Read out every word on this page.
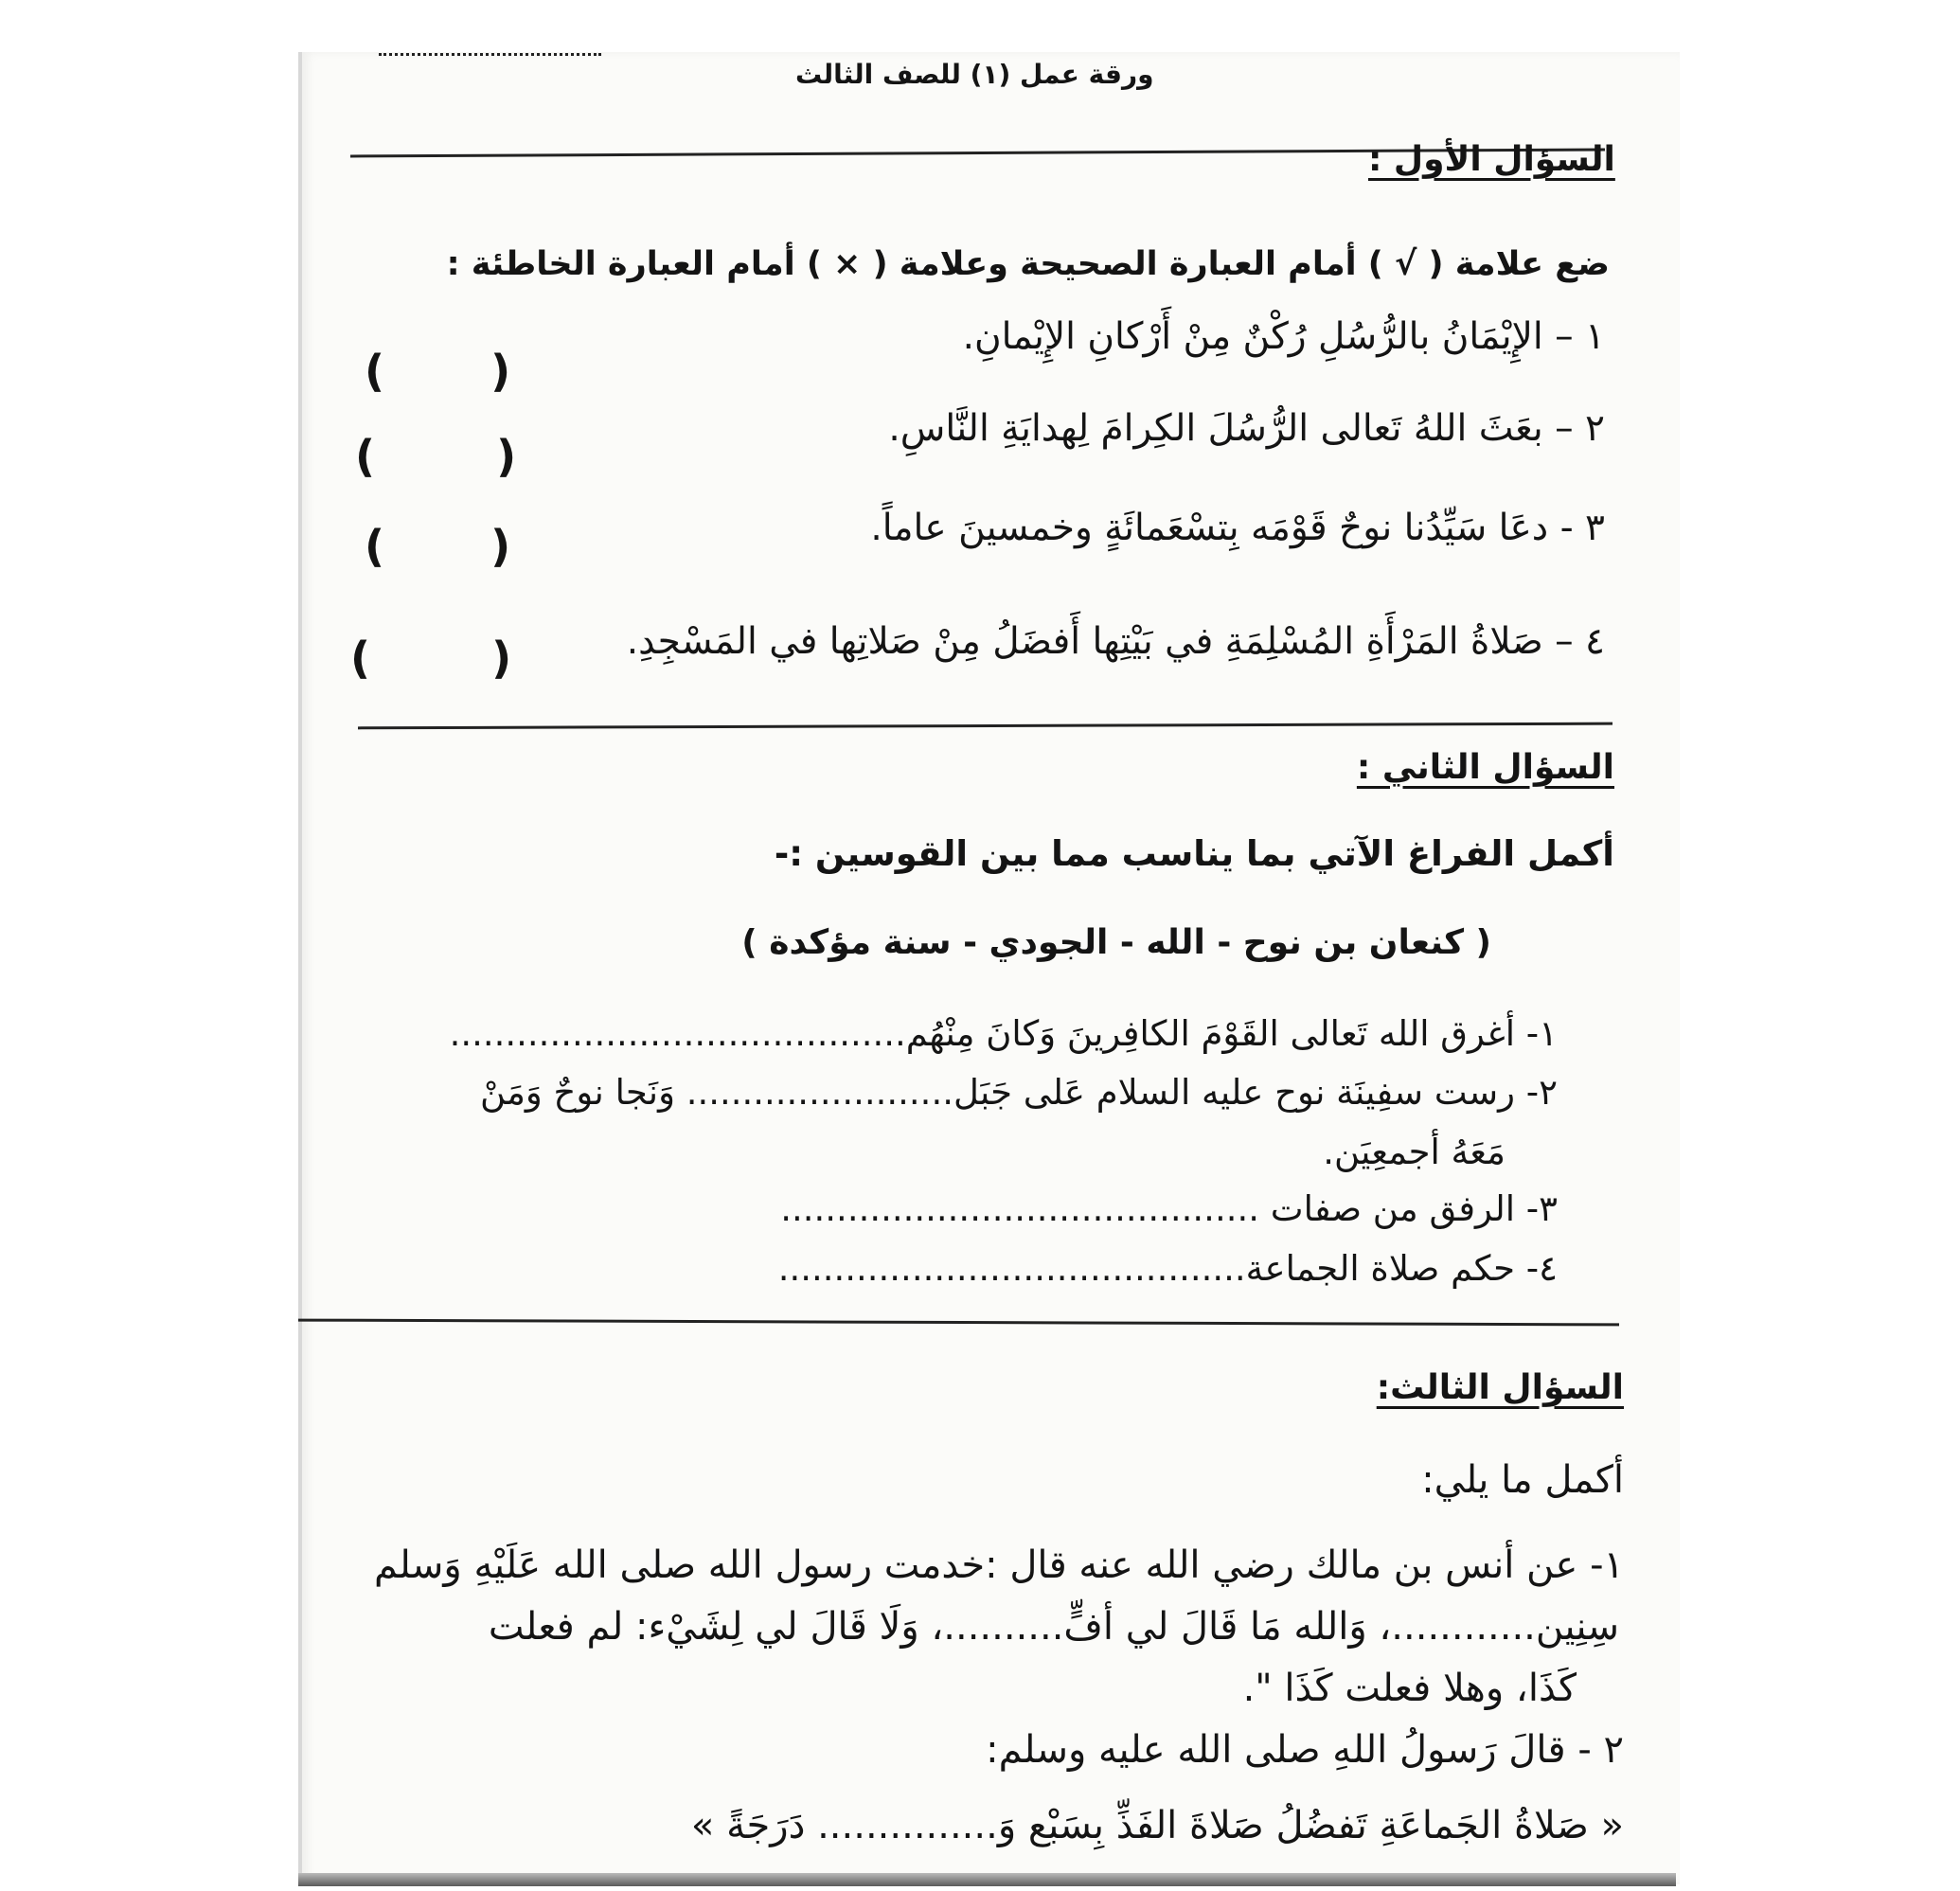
ورقة عمل (١) للصف الثالث
السؤال الأول :
ضع علامة ( √ ) أمام العبارة الصحيحة وعلامة ( × ) أمام العبارة الخاطئة :
١ – الإِيْمَانُ بالرُّسُلِ رُكْنٌ مِنْ أَرْكانِ الإِيْمانِ.
٢ – بعَثَ اللهُ تَعالى الرُّسُلَ الكِرامَ لِهدايَةِ النَّاسِ.
٣ - دعَا سَيِّدُنا نوحٌ قَوْمَه بِتسْعَمائَةٍ وخمسينَ عاماً.
٤ – صَلاةُ المَرْأَةِ المُسْلِمَةِ في بَيْتِها أَفضَلُ مِنْ صَلاتِها في المَسْجِدِ.
(       )
(        )
(       )
(        )
السؤال الثاني :
أكمل الفراغ الآتي بما يناسب مما بين القوسين :-
( كنعان بن نوح - الله - الجودي - سنة مؤكدة )
١- أغرق الله تَعالى القَوْمَ الكافِرينَ وَكانَ مِنْهُم.........................................
٢- رست سفِينَة نوح عليه السلام عَلى جَبَل........................ وَنَجا نوحٌ وَمَنْ
مَعَهُ أجمعِيَن.
٣- الرفق من صفات ...........................................
٤- حكم صلاة الجماعة..........................................
السؤال الثالث:
أكمل ما يلي:
١- عن أنس بن مالك رضي الله عنه قال :خدمت رسول الله صلى الله عَلَيْهِ وَسلم
سِنِين............، وَالله مَا قَالَ لي أفٍّ..........، وَلَا قَالَ لي لِشَيْء: لم فعلت
كَذَا، وهلا فعلت كَذَا ".
٢ - قالَ رَسولُ اللهِ صلى الله عليه وسلم:
« صَلاةُ الجَماعَةِ تَفضُلُ صَلاةَ الفَذِّ بِسَبْع وَ............... دَرَجَةً »
